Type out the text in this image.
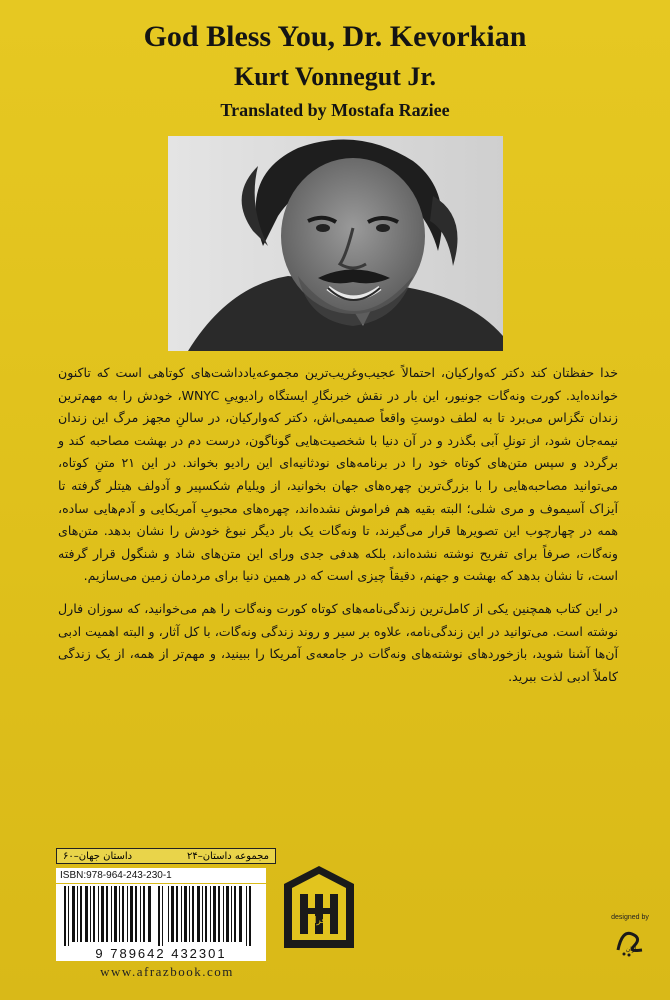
God Bless You, Dr. Kevorkian
Kurt Vonnegut Jr.
Translated by Mostafa Raziee

خدا حفظتان کند دکتر که‌وارکیان، احتمالاً عجیب‌وغریب‌ترین مجموعه‌یادداشت‌های کوتاهی است که تاکنون خوانده‌اید. کورت ونه‌گات جونیور، این بار در نقش خبرنگارِ ایستگاه رادیوییِ WNYC، خودش را به مهم‌ترین زندان تگزاس می‌برد تا به لطف دوستِ واقعاً صمیمی‌اش، دکتر که‌وارکیان، در سالنِ مجهز مرگ این زندان نیمه‌جان شود، از تونلِ آبی بگذرد و در آن دنیا با شخصیت‌هایی گوناگون، درست دم در بهشت مصاحبه کند و برگردد و سپس متن‌های کوتاه خود را در برنامه‌های نودثانیه‌ای این رادیو بخواند. در این ۲۱ متنِ کوتاه، می‌توانید مصاحبه‌هایی را با بزرگ‌ترین چهره‌های جهان بخوانید، از ویلیام شکسپیر و آدولف هیتلر گرفته تا آیزاک آسیموف و مری شلی؛ البته بقیه هم فراموش نشده‌اند، چهره‌های محبوبِ آمریکایی و آدم‌هایی ساده، همه در چهارچوب این تصویرها قرار می‌گیرند، تا ونه‌گات یک بار دیگر نبوغ خودش را نشان بدهد. متن‌های ونه‌گات، صرفاً برای تفریح نوشته نشده‌اند، بلکه هدفی جدی ورای این متن‌های شاد و شنگول قرار گرفته است، تا نشان بدهد که بهشت و جهنم، دقیقاً چیزی است که در همین دنیا برای مردمان زمین می‌سازیم.

در این کتاب همچنین یکی از کامل‌ترین زندگی‌نامه‌های کوتاه کورت ونه‌گات را هم می‌خوانید، که سوزان فارل نوشته است. می‌توانید در این زندگی‌نامه، علاوه بر سیر و روند زندگی ونه‌گات، با کل آثار، و البته اهمیت ادبی آن‌ها آشنا شوید، بازخوردهای نوشته‌های ونه‌گات در جامعه‌ی آمریکا را ببینید، و مهم‌تر از همه، از یک زندگی کاملاً ادبی لذت ببرید.

مجموعه داستان–۲۴
داستان جهان–۶۰
ISBN:978-964-243-230-1
9 789642 432301
افراز
www.afrazbook.com
designed by
باران
